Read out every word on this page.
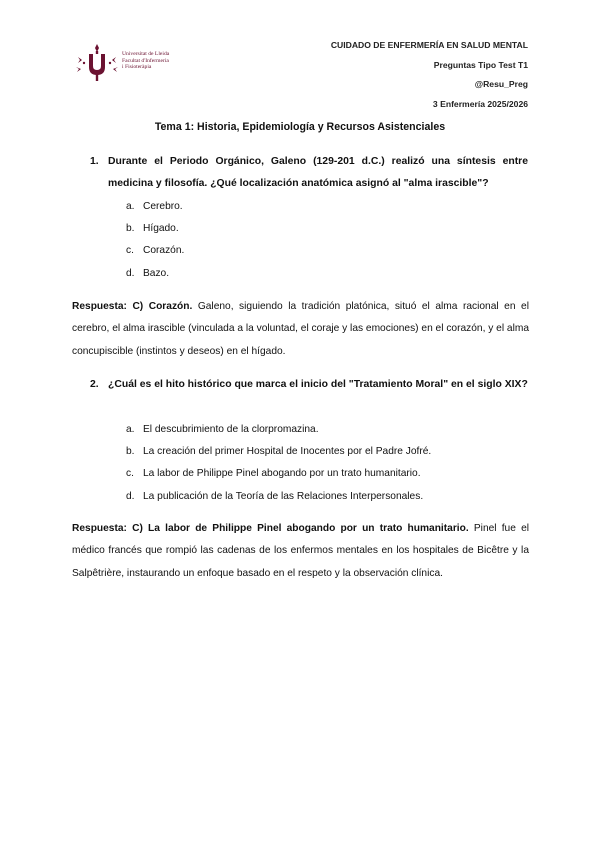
Universitat de Lleida
Facultat d'Infermeria
i Fisioteràpia
CUIDADO DE ENFERMERÍA EN SALUD MENTAL
Preguntas Tipo Test T1
@Resu_Preg
3 Enfermería 2025/2026
Tema 1: Historia, Epidemiología y Recursos Asistenciales
1. Durante el Periodo Orgánico, Galeno (129-201 d.C.) realizó una síntesis entre medicina y filosofía. ¿Qué localización anatómica asignó al "alma irascible"?
a. Cerebro.
b. Hígado.
c. Corazón.
d. Bazo.
Respuesta: C) Corazón. Galeno, siguiendo la tradición platónica, situó el alma racional en el cerebro, el alma irascible (vinculada a la voluntad, el coraje y las emociones) en el corazón, y el alma concupiscible (instintos y deseos) en el hígado.
2. ¿Cuál es el hito histórico que marca el inicio del "Tratamiento Moral" en el siglo XIX?
a. El descubrimiento de la clorpromazina.
b. La creación del primer Hospital de Inocentes por el Padre Jofré.
c. La labor de Philippe Pinel abogando por un trato humanitario.
d. La publicación de la Teoría de las Relaciones Interpersonales.
Respuesta: C) La labor de Philippe Pinel abogando por un trato humanitario. Pinel fue el médico francés que rompió las cadenas de los enfermos mentales en los hospitales de Bicêtre y la Salpêtrière, instaurando un enfoque basado en el respeto y la observación clínica.
